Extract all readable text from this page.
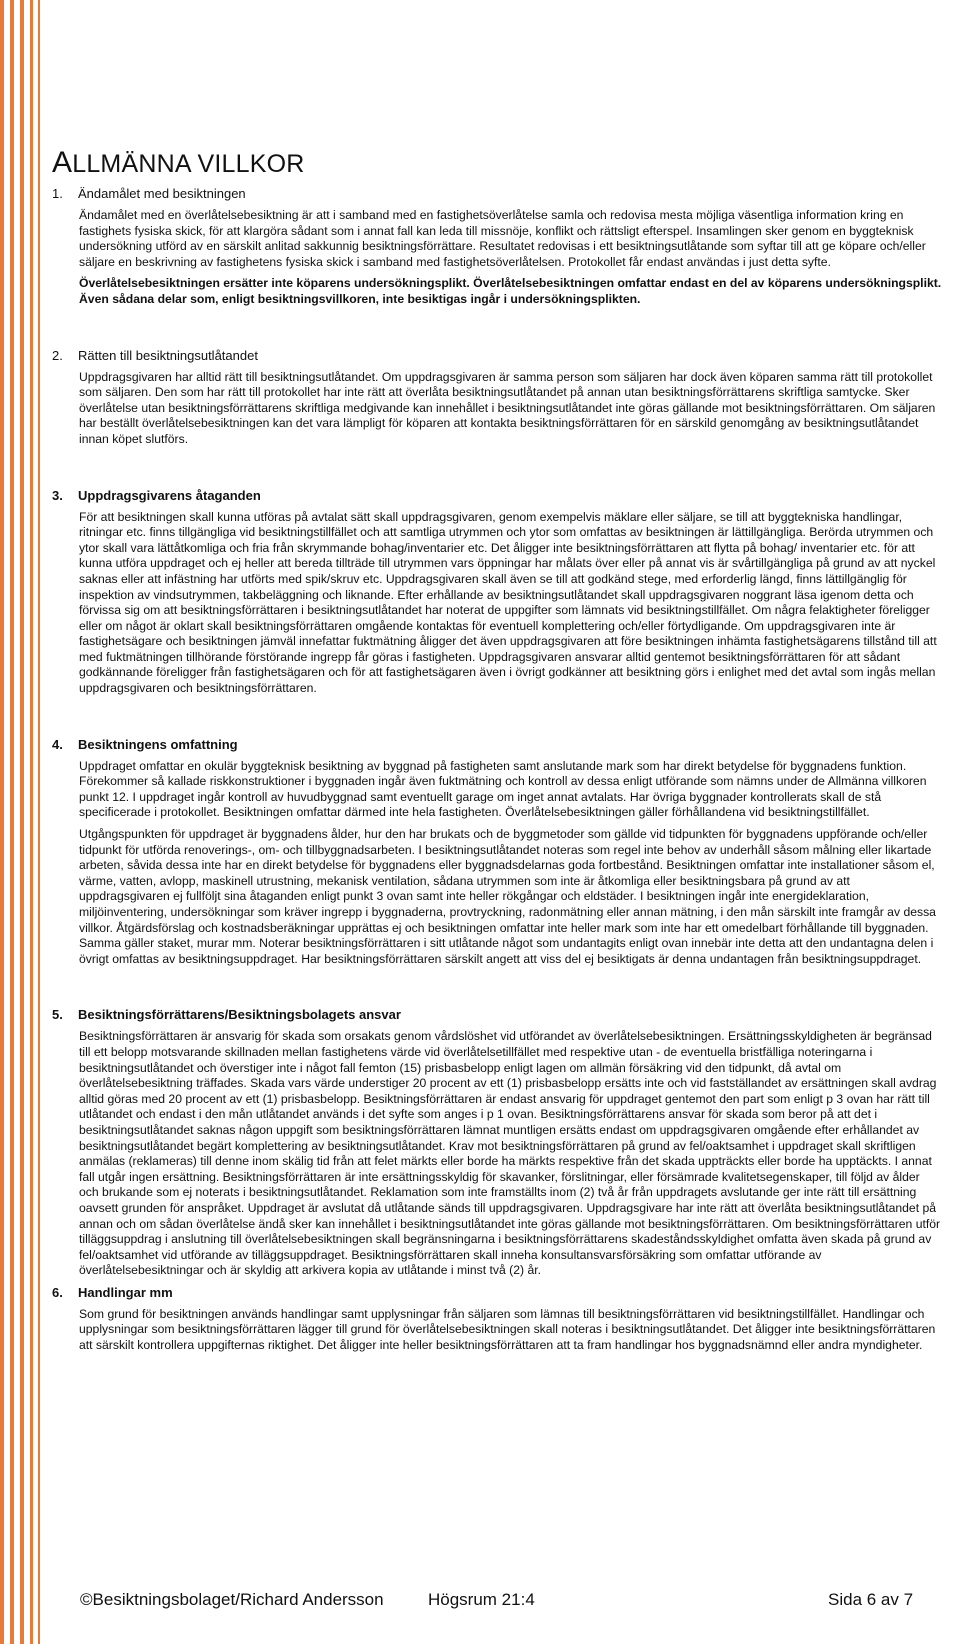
ALLMÄNNA VILLKOR
1.	Ändamålet med besiktningen

Ändamålet med en överlåtelsebesiktning är att i samband med en fastighetsöverlåtelse samla och redovisa mesta möjliga väsentliga information kring en fastighets fysiska skick, för att klargöra sådant som i annat fall kan leda till missnöje, konflikt och rättsligt efterspel. Insamlingen sker genom en byggteknisk undersökning utförd av en särskilt anlitad sakkunnig besiktningsförrättare. Resultatet redovisas i ett besiktningsutlåtande som syftar till att ge köpare och/eller säljare en beskrivning av fastighetens fysiska skick i samband med fastighetsöverlåtelsen. Protokollet får endast användas i just detta syfte.

Överlåtelsebesiktningen ersätter inte köparens undersökningsplikt. Överlåtelsebesiktningen omfattar endast en del av köparens undersökningsplikt. Även sådana delar som, enligt besiktningsvillkoren, inte besiktigas ingår i undersökningsplikten.

2.	Rätten till besiktningsutlåtandet

Uppdragsgivaren har alltid rätt till besiktningsutlåtandet. Om uppdragsgivaren är samma person som säljaren har dock även köparen samma rätt till protokollet som säljaren. Den som har rätt till protokollet har inte rätt att överlåta besiktningsutlåtandet på annan utan besiktningsförrättarens skriftliga samtycke. Sker överlåtelse utan besiktningsförrättarens skriftliga medgivande kan innehållet i besiktningsutlåtandet inte göras gällande mot besiktningsförrättaren. Om säljaren har beställt överlåtelsebesiktningen kan det vara lämpligt för köparen att kontakta besiktningsförrättaren för en särskild genomgång av besiktningsutlåtandet innan köpet slutförs.

3.	Uppdragsgivarens åtaganden

För att besiktningen skall kunna utföras på avtalat sätt skall uppdragsgivaren, genom exempelvis mäklare eller säljare, se till att byggtekniska handlingar, ritningar etc. finns tillgängliga vid besiktningstillfället och att samtliga utrymmen och ytor som omfattas av besiktningen är lättillgängliga. Berörda utrymmen och ytor skall vara lättåtkomliga och fria från skrymmande bohag/inventarier etc. Det åligger inte besiktningsförrättaren att flytta på bohag/ inventarier etc. för att kunna utföra uppdraget och ej heller att bereda tillträde till utrymmen vars öppningar har målats över eller på annat vis är svårtillgängliga på grund av att nyckel saknas eller att infästning har utförts med spik/skruv etc. Uppdragsgivaren skall även se till att godkänd stege, med erforderlig längd, finns lättillgänglig för inspektion av vindsutrymmen, takbeläggning och liknande. Efter erhållande av besiktningsutlåtandet skall uppdragsgivaren noggrant läsa igenom detta och förvissa sig om att besiktningsförrättaren i besiktningsutlåtandet har noterat de uppgifter som lämnats vid besiktningstillfället. Om några felaktigheter föreligger eller om något är oklart skall besiktningsförrättaren omgående kontaktas för eventuell komplettering och/eller förtydligande. Om uppdragsgivaren inte är fastighetsägare och besiktningen jämväl innefattar fuktmätning åligger det även uppdragsgivaren att före besiktningen inhämta fastighetsägarens tillstånd till att med fuktmätningen tillhörande förstörande ingrepp får göras i fastigheten. Uppdragsgivaren ansvarar alltid gentemot besiktningsförrättaren för att sådant godkännande föreligger från fastighetsägaren och för att fastighetsägaren även i övrigt godkänner att besiktning görs i enlighet med det avtal som ingås mellan uppdragsgivaren och besiktningsförrättaren.

4.	Besiktningens omfattning

Uppdraget omfattar en okulär byggteknisk besiktning av byggnad på fastigheten samt anslutande mark som har direkt betydelse för byggnadens funktion. Förekommer så kallade riskkonstruktioner i byggnaden ingår även fuktmätning och kontroll av dessa enligt utförande som nämns under de Allmänna villkoren punkt 12. I uppdraget ingår kontroll av huvudbyggnad samt eventuellt garage om inget annat avtalats. Har övriga byggnader kontrollerats skall de stå specificerade i protokollet. Besiktningen omfattar därmed inte hela fastigheten. Överlåtelsebesiktningen gäller förhållandena vid besiktningstillfället.

Utgångspunkten för uppdraget är byggnadens ålder, hur den har brukats och de byggmetoder som gällde vid tidpunkten för byggnadens uppförande och/eller tidpunkt för utförda renoverings-, om- och tillbyggnadsarbeten. I besiktningsutlåtandet noteras som regel inte behov av underhåll såsom målning eller likartade arbeten, såvida dessa inte har en direkt betydelse för byggnadens eller byggnadsdelarnas goda fortbestånd. Besiktningen omfattar inte installationer såsom el, värme, vatten, avlopp, maskinell utrustning, mekanisk ventilation, sådana utrymmen som inte är åtkomliga eller besiktningsbara på grund av att uppdragsgivaren ej fullföljt sina åtaganden enligt punkt 3 ovan samt inte heller rökgångar och eldstäder. I besiktningen ingår inte energideklaration, miljöinventering, undersökningar som kräver ingrepp i byggnaderna, provtryckning, radonmätning eller annan mätning, i den mån särskilt inte framgår av dessa villkor. Åtgärdsförslag och kostnadsberäkningar upprättas ej och besiktningen omfattar inte heller mark som inte har ett omedelbart förhållande till byggnaden. Samma gäller staket, murar mm. Noterar besiktningsförrättaren i sitt utlåtande något som undantagits enligt ovan innebär inte detta att den undantagna delen i övrigt omfattas av besiktningsuppdraget. Har besiktningsförrättaren särskilt angett att viss del ej besiktigats är denna undantagen från besiktningsuppdraget.

5.	Besiktningsförrättarens/Besiktningsbolagets ansvar

Besiktningsförrättaren är ansvarig för skada som orsakats genom vårdslöshet vid utförandet av överlåtelsebesiktningen. Ersättningsskyldigheten är begränsad till ett belopp motsvarande skillnaden mellan fastighetens värde vid överlåtelsetillfället med respektive utan - de eventuella bristfälliga noteringarna i besiktningsutlåtandet och överstiger inte i något fall femton (15) prisbasbelopp enligt lagen om allmän försäkring vid den tidpunkt, då avtal om överlåtelsebesiktning träffades. Skada vars värde understiger 20 procent av ett (1) prisbasbelopp ersätts inte och vid fastställandet av ersättningen skall avdrag alltid göras med 20 procent av ett (1) prisbasbelopp. Besiktningsförrättaren är endast ansvarig för uppdraget gentemot den part som enligt p 3 ovan har rätt till utlåtandet och endast i den mån utlåtandet används i det syfte som anges i p 1 ovan. Besiktningsförrättarens ansvar för skada som beror på att det i besiktningsutlåtandet saknas någon uppgift som besiktningsförrättaren lämnat muntligen ersätts endast om uppdragsgivaren omgående efter erhållandet av besiktningsutlåtandet begärt komplettering av besiktningsutlåtandet. Krav mot besiktningsförrättaren på grund av fel/oaktsamhet i uppdraget skall skriftligen anmälas (reklameras) till denne inom skälig tid från att felet märkts eller borde ha märkts respektive från det skada uppträckts eller borde ha upptäckts. I annat fall utgår ingen ersättning. Besiktningsförrättaren är inte ersättningsskyldig för skavanker, förslitningar, eller försämrade kvalitetsegenskaper, till följd av ålder och brukande som ej noterats i besiktningsutlåtandet. Reklamation som inte framställts inom (2) två år från uppdragets avslutande ger inte rätt till ersättning oavsett grunden för anspråket. Uppdraget är avslutat då utlåtande sänds till uppdragsgivaren. Uppdragsgivare har inte rätt att överlåta besiktningsutlåtandet på annan och om sådan överlåtelse ändå sker kan innehållet i besiktningsutlåtandet inte göras gällande mot besiktningsförrättaren. Om besiktningsförrättaren utför tilläggsuppdrag i anslutning till överlåtelsebesiktningen skall begränsningarna i besiktningsförrättarens skadeståndsskyldighet omfatta även skada på grund av fel/oaktsamhet vid utförande av tilläggsuppdraget. Besiktningsförrättaren skall inneha konsultansvarsförsäkring som omfattar utförande av överlåtelsebesiktningar och är skyldig att arkivera kopia av utlåtande i minst två (2) år.

6.	Handlingar mm

Som grund för besiktningen används handlingar samt upplysningar från säljaren som lämnas till besiktningsförrättaren vid besiktningstillfället. Handlingar och upplysningar som besiktningsförrättaren lägger till grund för överlåtelsebesiktningen skall noteras i besiktningsutlåtandet. Det åligger inte besiktningsförrättaren att särskilt kontrollera uppgifternas riktighet. Det åligger inte heller besiktningsförrättaren att ta fram handlingar hos byggnadsnämnd eller andra myndigheter.

©Besiktningsbolaget/Richard Andersson	Högsrum 21:4	Sida 6 av 7
